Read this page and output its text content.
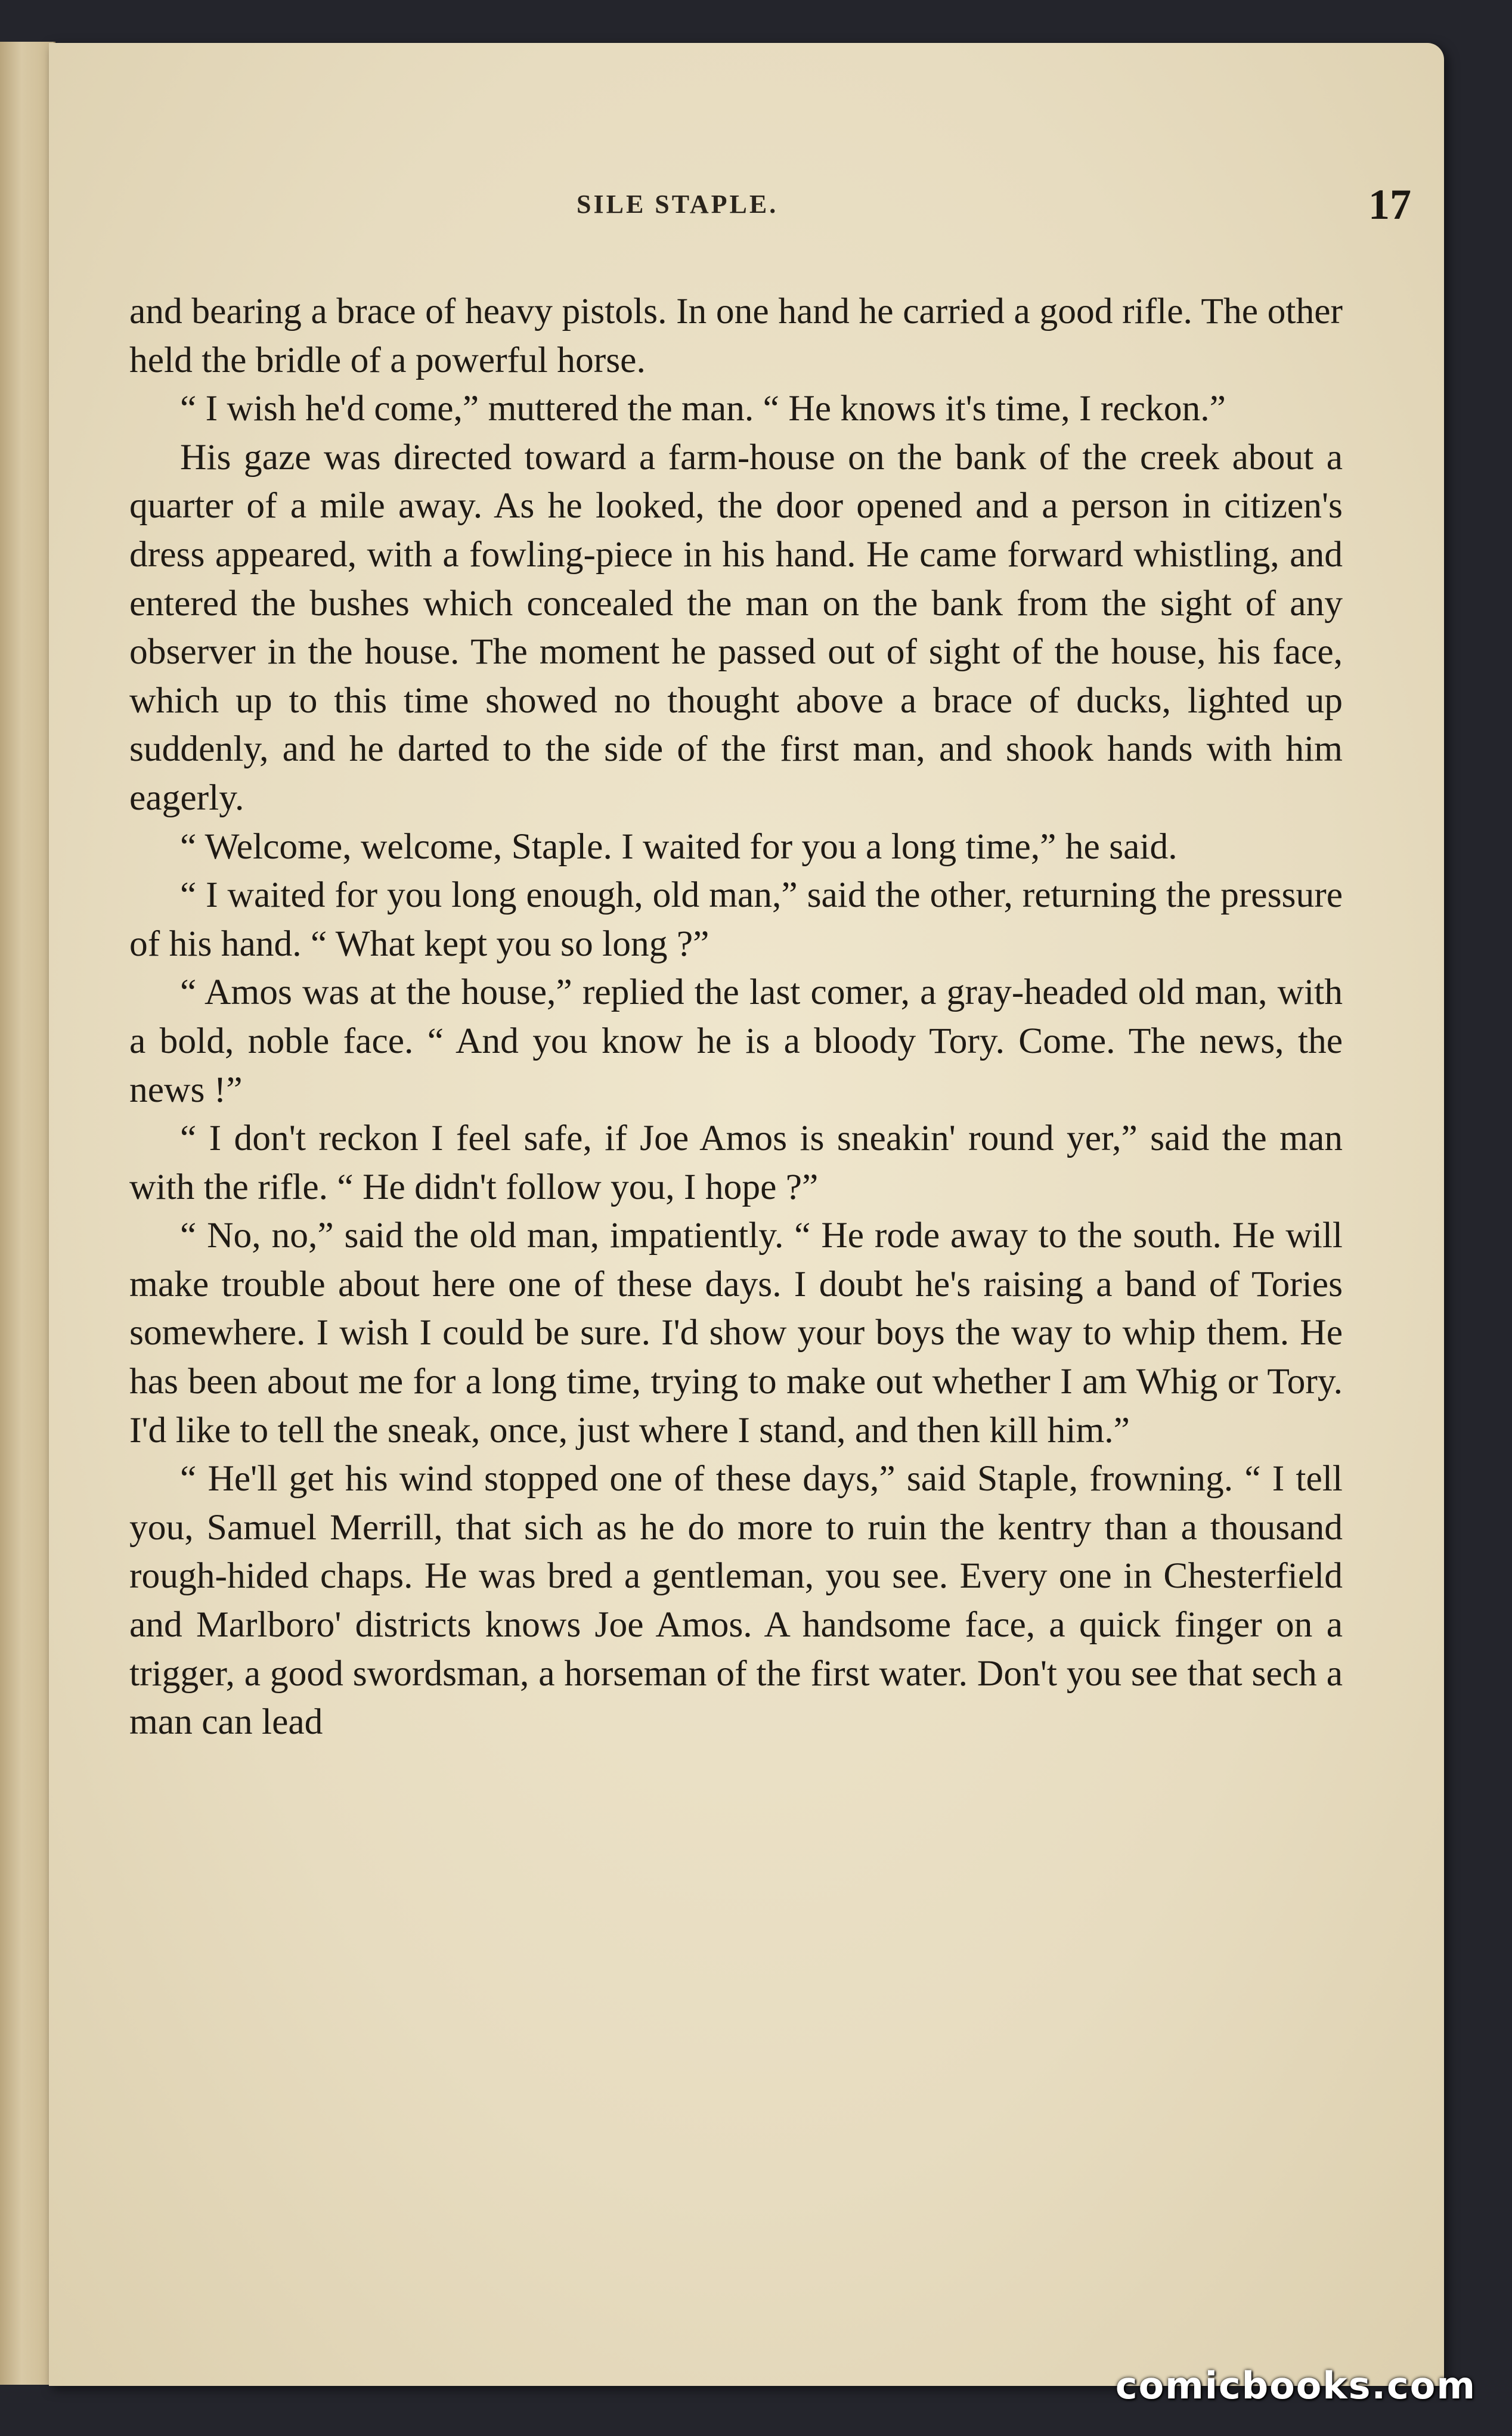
SILE STAPLE.	17

and bearing a brace of heavy pistols. In one hand he carried a good rifle. The other held the bridle of a powerful horse.

“ I wish he'd come,” muttered the man. “ He knows it's time, I reckon.”

His gaze was directed toward a farm-house on the bank of the creek about a quarter of a mile away. As he looked, the door opened and a person in citizen's dress appeared, with a fowling-piece in his hand. He came forward whistling, and entered the bushes which concealed the man on the bank from the sight of any observer in the house. The moment he passed out of sight of the house, his face, which up to this time showed no thought above a brace of ducks, lighted up suddenly, and he darted to the side of the first man, and shook hands with him eagerly.

“ Welcome, welcome, Staple. I waited for you a long time,” he said.

“ I waited for you long enough, old man,” said the other, returning the pressure of his hand. “ What kept you so long ?”

“ Amos was at the house,” replied the last comer, a gray-headed old man, with a bold, noble face. “ And you know he is a bloody Tory. Come. The news, the news !”

“ I don't reckon I feel safe, if Joe Amos is sneakin' round yer,” said the man with the rifle. “ He didn't follow you, I hope ?”

“ No, no,” said the old man, impatiently. “ He rode away to the south. He will make trouble about here one of these days. I doubt he's raising a band of Tories somewhere. I wish I could be sure. I'd show your boys the way to whip them. He has been about me for a long time, trying to make out whether I am Whig or Tory. I'd like to tell the sneak, once, just where I stand, and then kill him.”

“ He'll get his wind stopped one of these days,” said Staple, frowning. “ I tell you, Samuel Merrill, that sich as he do more to ruin the kentry than a thousand rough-hided chaps. He was bred a gentleman, you see. Every one in Chesterfield and Marlboro' districts knows Joe Amos. A handsome face, a quick finger on a trigger, a good swordsman, a horseman of the first water. Don't you see that sech a man can lead

comicbooks.com
